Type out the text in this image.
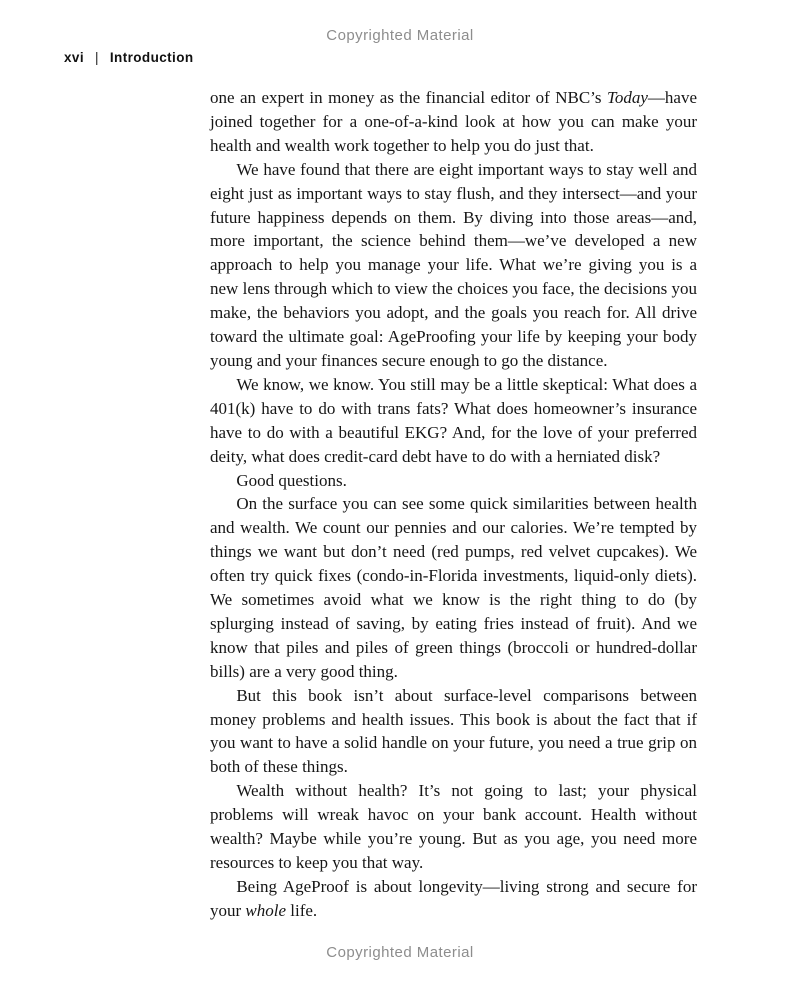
Copyrighted Material
xvi | Introduction

one an expert in money as the financial editor of NBC’s Today—have joined together for a one-of-a-kind look at how you can make your health and wealth work together to help you do just that.

We have found that there are eight important ways to stay well and eight just as important ways to stay flush, and they intersect—and your future happiness depends on them. By diving into those areas—and, more important, the science behind them—we’ve developed a new approach to help you manage your life. What we’re giving you is a new lens through which to view the choices you face, the decisions you make, the behaviors you adopt, and the goals you reach for. All drive toward the ultimate goal: AgeProofing your life by keeping your body young and your finances secure enough to go the distance.

We know, we know. You still may be a little skeptical: What does a 401(k) have to do with trans fats? What does homeowner’s insurance have to do with a beautiful EKG? And, for the love of your preferred deity, what does credit-card debt have to do with a herniated disk?

Good questions.

On the surface you can see some quick similarities between health and wealth. We count our pennies and our calories. We’re tempted by things we want but don’t need (red pumps, red velvet cupcakes). We often try quick fixes (condo-in-Florida investments, liquid-only diets). We sometimes avoid what we know is the right thing to do (by splurging instead of saving, by eating fries instead of fruit). And we know that piles and piles of green things (broccoli or hundred-dollar bills) are a very good thing.

But this book isn’t about surface-level comparisons between money problems and health issues. This book is about the fact that if you want to have a solid handle on your future, you need a true grip on both of these things.

Wealth without health? It’s not going to last; your physical problems will wreak havoc on your bank account. Health without wealth? Maybe while you’re young. But as you age, you need more resources to keep you that way.

Being AgeProof is about longevity—living strong and secure for your whole life.

Copyrighted Material
